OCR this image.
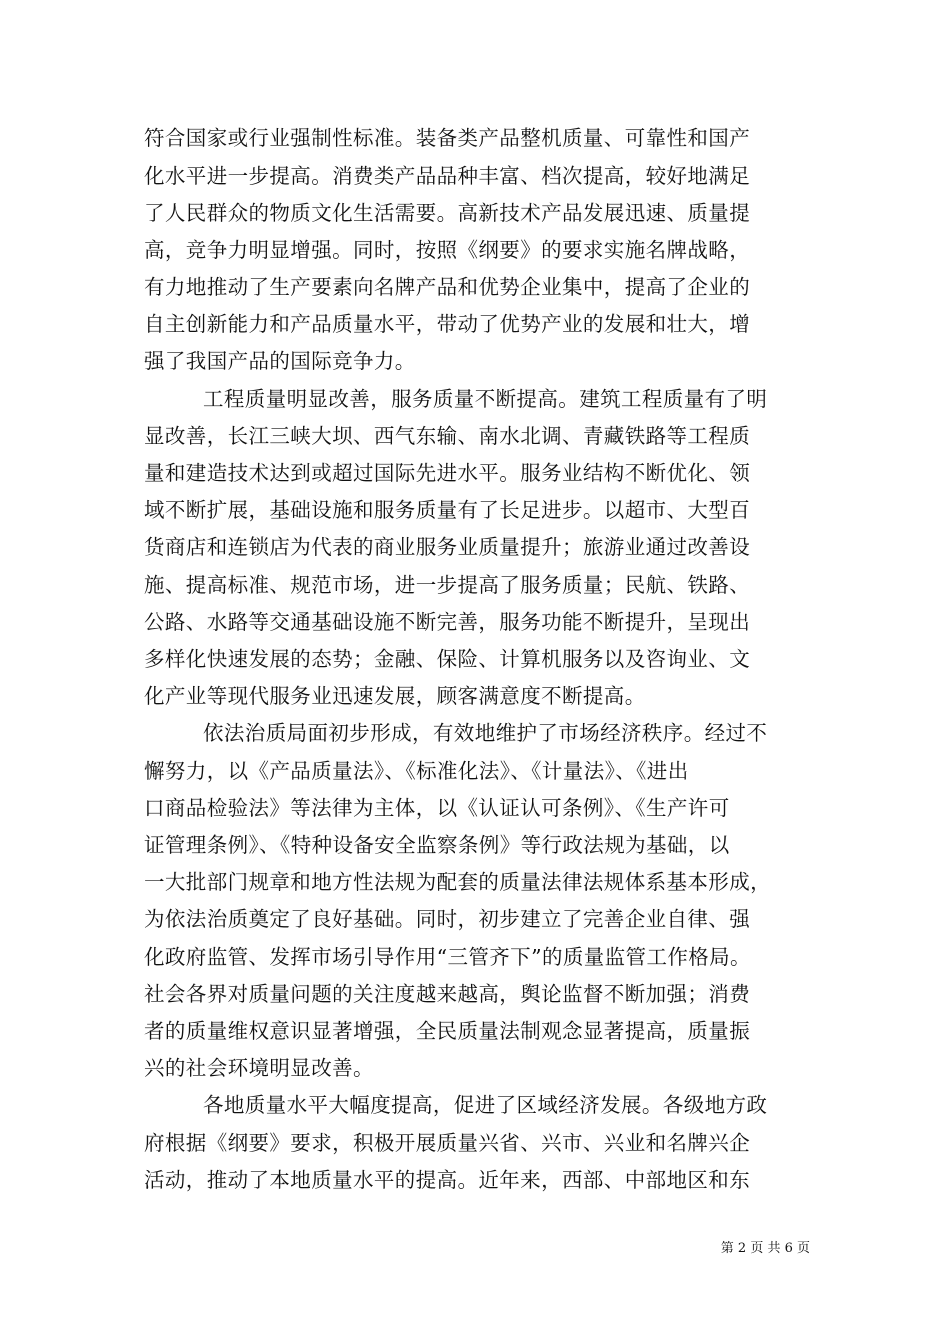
符合国家或行业强制性标准。装备类产品整机质量、可靠性和国产
化水平进一步提高。消费类产品品种丰富、档次提高，较好地满足
了人民群众的物质文化生活需要。高新技术产品发展迅速、质量提
高，竞争力明显增强。同时，按照《纲要》的要求实施名牌战略，
有力地推动了生产要素向名牌产品和优势企业集中，提高了企业的
自主创新能力和产品质量水平，带动了优势产业的发展和壮大，增
强了我国产品的国际竞争力。
工程质量明显改善，服务质量不断提高。建筑工程质量有了明
显改善，长江三峡大坝、西气东输、南水北调、青藏铁路等工程质
量和建造技术达到或超过国际先进水平。服务业结构不断优化、领
域不断扩展，基础设施和服务质量有了长足进步。以超市、大型百
货商店和连锁店为代表的商业服务业质量提升；旅游业通过改善设
施、提高标准、规范市场，进一步提高了服务质量；民航、铁路、
公路、水路等交通基础设施不断完善，服务功能不断提升，呈现出
多样化快速发展的态势；金融、保险、计算机服务以及咨询业、文
化产业等现代服务业迅速发展，顾客满意度不断提高。
依法治质局面初步形成，有效地维护了市场经济秩序。经过不
懈努力，以《产品质量法》、《标准化法》、《计量法》、《进出
口商品检验法》等法律为主体，以《认证认可条例》、《生产许可
证管理条例》、《特种设备安全监察条例》等行政法规为基础，以
一大批部门规章和地方性法规为配套的质量法律法规体系基本形成，
为依法治质奠定了良好基础。同时，初步建立了完善企业自律、强
化政府监管、发挥市场引导作用“三管齐下”的质量监管工作格局。
社会各界对质量问题的关注度越来越高，舆论监督不断加强；消费
者的质量维权意识显著增强，全民质量法制观念显著提高，质量振
兴的社会环境明显改善。
各地质量水平大幅度提高，促进了区域经济发展。各级地方政
府根据《纲要》要求，积极开展质量兴省、兴市、兴业和名牌兴企
活动，推动了本地质量水平的提高。近年来，西部、中部地区和东
第 2 页 共 6 页
